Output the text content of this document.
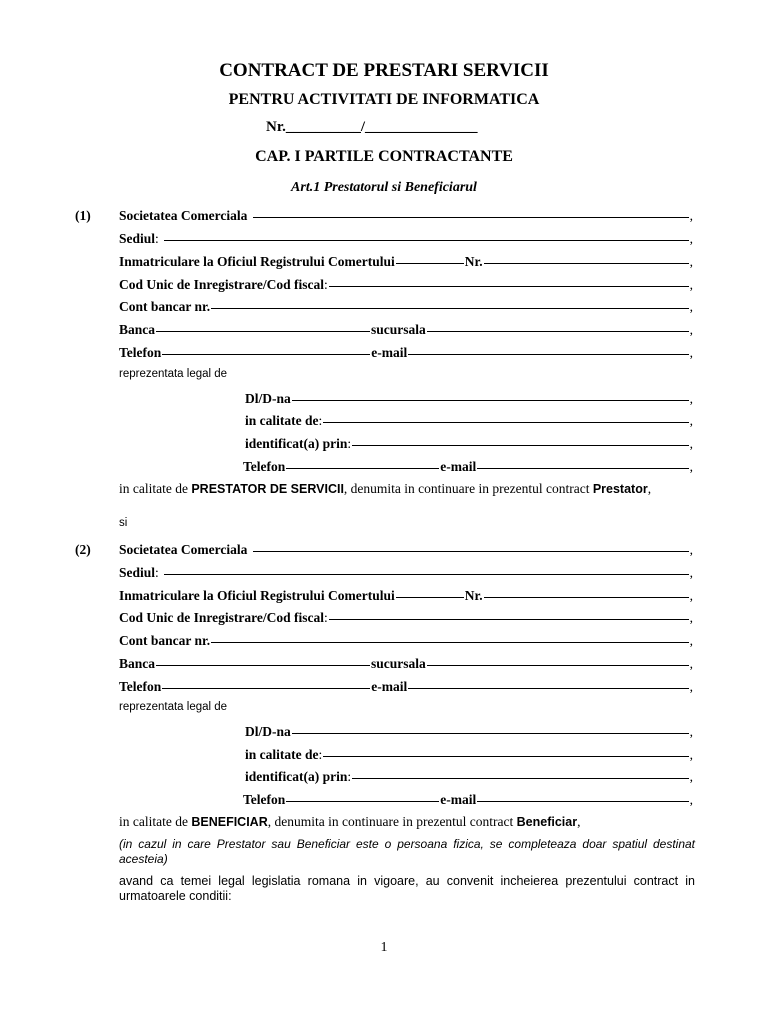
CONTRACT DE PRESTARI SERVICII
PENTRU ACTIVITATI DE INFORMATICA
Nr.__________/_______________
CAP. I PARTILE CONTRACTANTE
Art.1 Prestatorul si Beneficiarul
(1) Societatea Comerciala	,
Sediul :	,
Inmatriculare la Oficiul Registrului Comertului	Nr.	,
Cod Unic de Inregistrare/Cod fiscal :	,
Cont bancar nr.	,
Banca	sucursala	,
Telefon	e-mail	,
reprezentata legal de
Dl/D-na	,
in calitate de :	,
identificat(a) prin :	,
Telefon	e-mail	,
in calitate de PRESTATOR DE SERVICII, denumita in continuare in prezentul contract Prestator,
si
(2) Societatea Comerciala	,
Sediul :	,
Inmatriculare la Oficiul Registrului Comertului	Nr.	,
Cod Unic de Inregistrare/Cod fiscal :	,
Cont bancar nr.	,
Banca	sucursala	,
Telefon	e-mail	,
reprezentata legal de
Dl/D-na	,
in calitate de :	,
identificat(a) prin :	,
Telefon	e-mail	,
in calitate de BENEFICIAR, denumita in continuare in prezentul contract Beneficiar,
(in cazul in care Prestator sau Beneficiar este o persoana fizica, se completeaza doar spatiul destinat acesteia)
avand ca temei legal legislatia romana in vigoare, au convenit incheierea prezentului contract in urmatoarele conditii:
1
